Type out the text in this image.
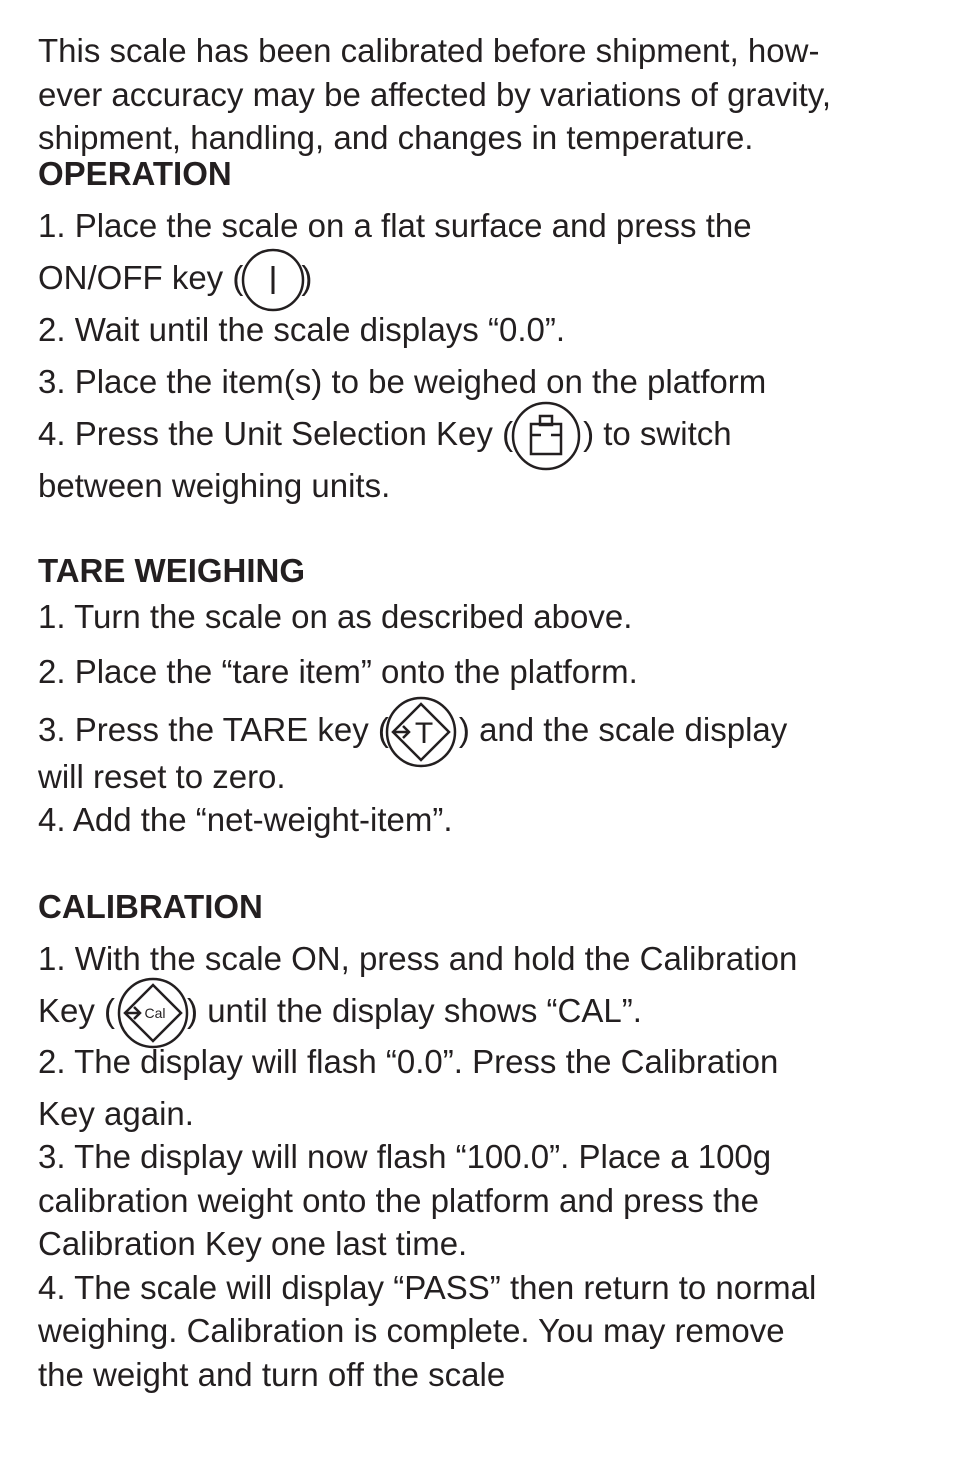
This scale has been calibrated before shipment, how-

ever accuracy may be affected by variations of gravity,

shipment, handling, and changes in temperature.

OPERATION

1. Place the scale on a flat surface and press the

ON/OFF key ( )

2. Wait until the scale displays “0.0”.

3. Place the item(s) to be weighed on the platform

4. Press the Unit Selection Key ( ) to switch

between weighing units.

TARE WEIGHING

1. Turn the scale on as described above.

2. Place the “tare item” onto the platform.

3. Press the TARE key ( T ) and the scale display

will reset to zero.

4. Add the “net-weight-item”.

CALIBRATION

1. With the scale ON, press and hold the Calibration

Key ( Cal ) until the display shows “CAL”.

2. The display will flash “0.0”. Press the Calibration

Key again.

3. The display will now flash “100.0”. Place a 100g

calibration weight onto the platform and press the

Calibration Key one last time.

4. The scale will display “PASS” then return to normal

weighing. Calibration is complete. You may remove

the weight and turn off the scale
